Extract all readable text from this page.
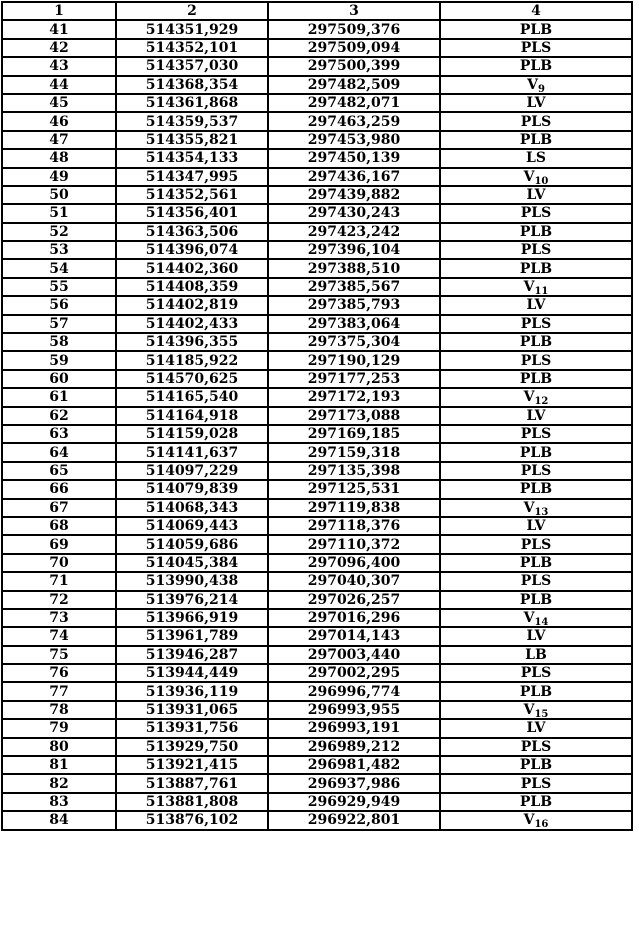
1	2	3	4
41	514351,929	297509,376	PLB
42	514352,101	297509,094	PLS
43	514357,030	297500,399	PLB
44	514368,354	297482,509	$V_9$
45	514361,868	297482,071	LV
46	514359,537	297463,259	PLS
47	514355,821	297453,980	PLB
48	514354,133	297450,139	LS
49	514347,995	297436,167	$V_{10}$
50	514352,561	297439,882	LV
51	514356,401	297430,243	PLS
52	514363,506	297423,242	PLB
53	514396,074	297396,104	PLS
54	514402,360	297388,510	PLB
55	514408,359	297385,567	$V_{11}$
56	514402,819	297385,793	LV
57	514402,433	297383,064	PLS
58	514396,355	297375,304	PLB
59	514185,922	297190,129	PLS
60	514570,625	297177,253	PLB
61	514165,540	297172,193	$V_{12}$
62	514164,918	297173,088	LV
63	514159,028	297169,185	PLS
64	514141,637	297159,318	PLB
65	514097,229	297135,398	PLS
66	514079,839	297125,531	PLB
67	514068,343	297119,838	$V_{13}$
68	514069,443	297118,376	LV
69	514059,686	297110,372	PLS
70	514045,384	297096,400	PLB
71	513990,438	297040,307	PLS
72	513976,214	297026,257	PLB
73	513966,919	297016,296	$V_{14}$
74	513961,789	297014,143	LV
75	513946,287	297003,440	LB
76	513944,449	297002,295	PLS
77	513936,119	296996,774	PLB
78	513931,065	296993,955	$V_{15}$
79	513931,756	296993,191	LV
80	513929,750	296989,212	PLS
81	513921,415	296981,482	PLB
82	513887,761	296937,986	PLS
83	513881,808	296929,949	PLB
84	513876,102	296922,801	$V_{16}$
